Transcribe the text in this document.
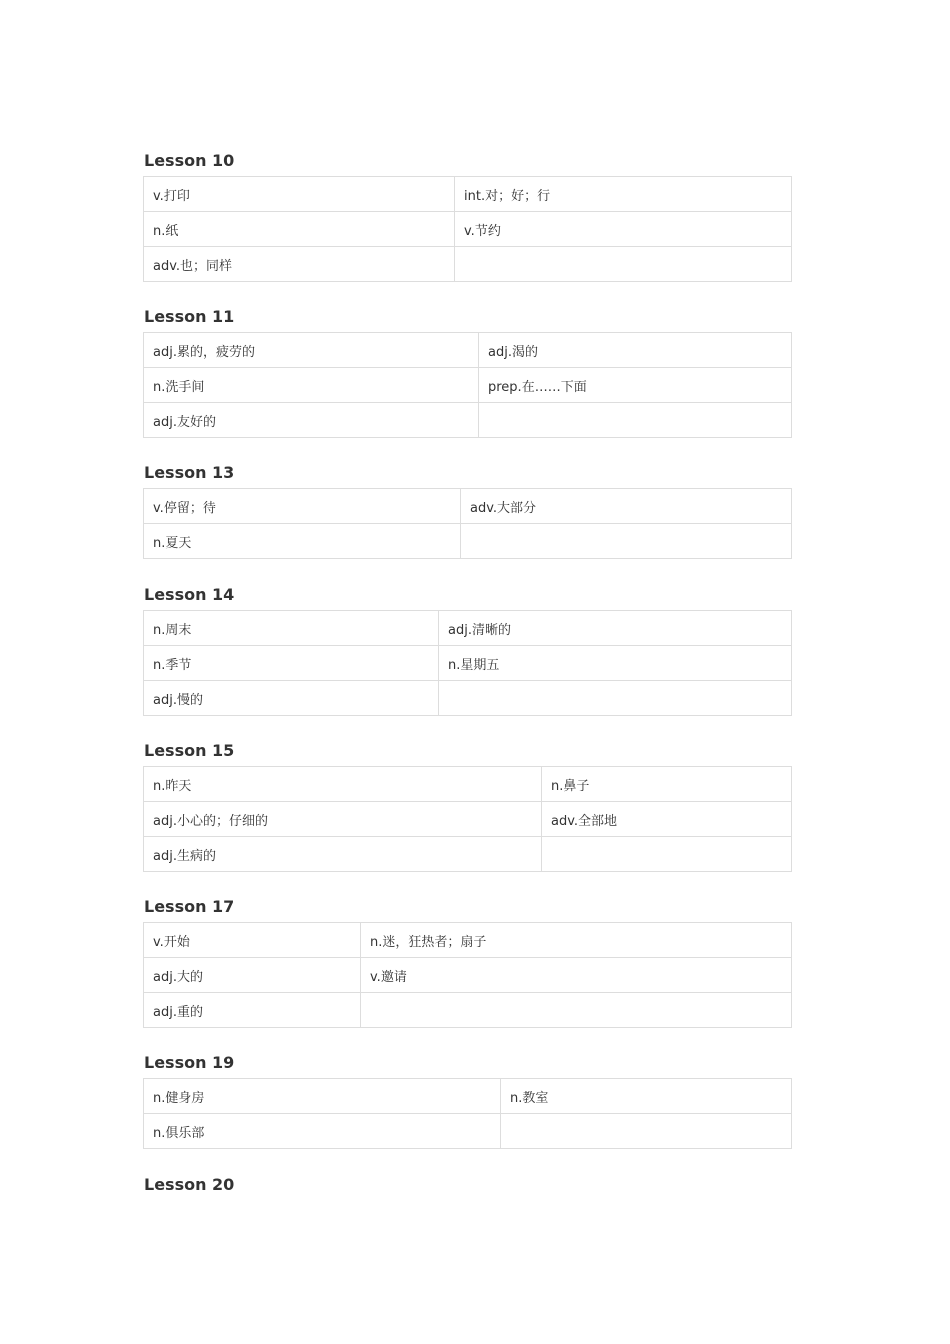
Lesson 10
v.打印	int.对；好；行
n.纸	v.节约
adv.也；同样	
Lesson 11
adj.累的，疲劳的	adj.渴的
n.洗手间	prep.在……下面
adj.友好的	
Lesson 13
v.停留；待	adv.大部分
n.夏天	
Lesson 14
n.周末	adj.清晰的
n.季节	n.星期五
adj.慢的	
Lesson 15
n.昨天	n.鼻子
adj.小心的；仔细的	adv.全部地
adj.生病的	
Lesson 17
v.开始	n.迷，狂热者；扇子
adj.大的	v.邀请
adj.重的	
Lesson 19
n.健身房	n.教室
n.俱乐部	
Lesson 20
